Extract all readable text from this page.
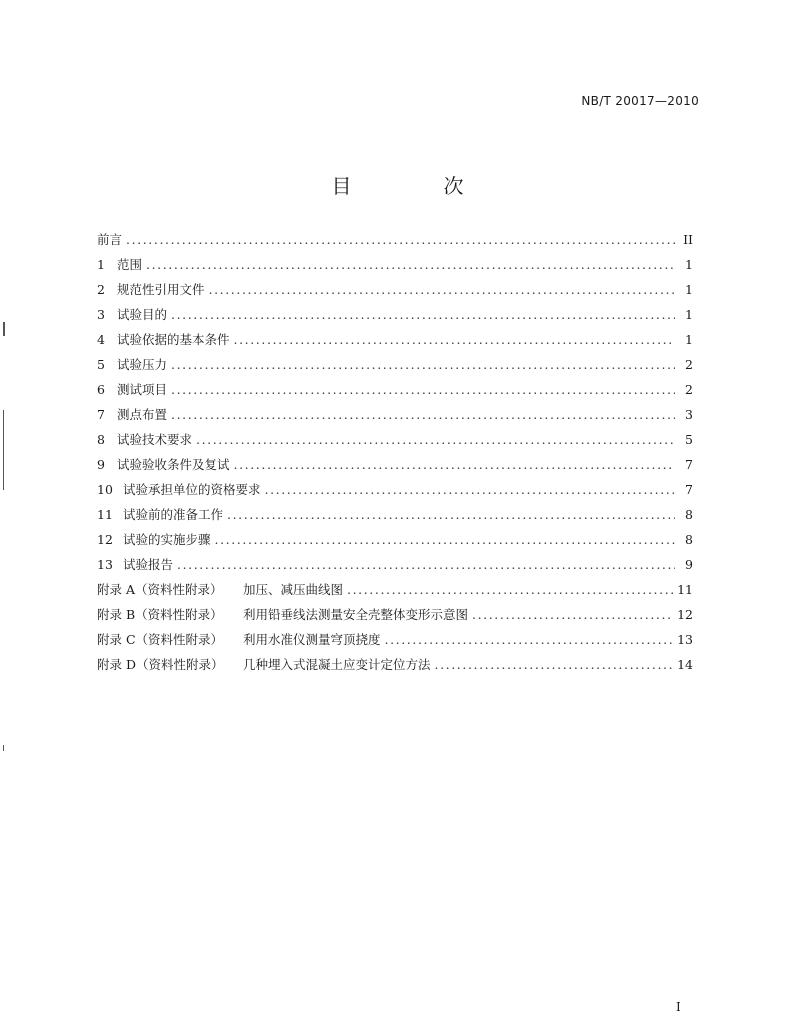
NB/T 20017—2010
目　次
前言 .....	II
1 范围 .....	1
2 规范性引用文件 .....	1
3 试验目的 .....	1
4 试验依据的基本条件 .....	1
5 试验压力 .....	2
6 测试项目 .....	2
7 测点布置 .....	3
8 试验技术要求 .....	5
9 试验验收条件及复试 .....	7
10 试验承担单位的资格要求 .....	7
11 试验前的准备工作 .....	8
12 试验的实施步骤 .....	8
13 试验报告 .....	9
附录 A（资料性附录）	加压、减压曲线图 .....	11
附录 B（资料性附录）	利用铅垂线法测量安全壳整体变形示意图 .....	12
附录 C（资料性附录）	利用水准仪测量穹顶挠度 .....	13
附录 D（资料性附录）	几种埋入式混凝土应变计定位方法 .....	14
I
